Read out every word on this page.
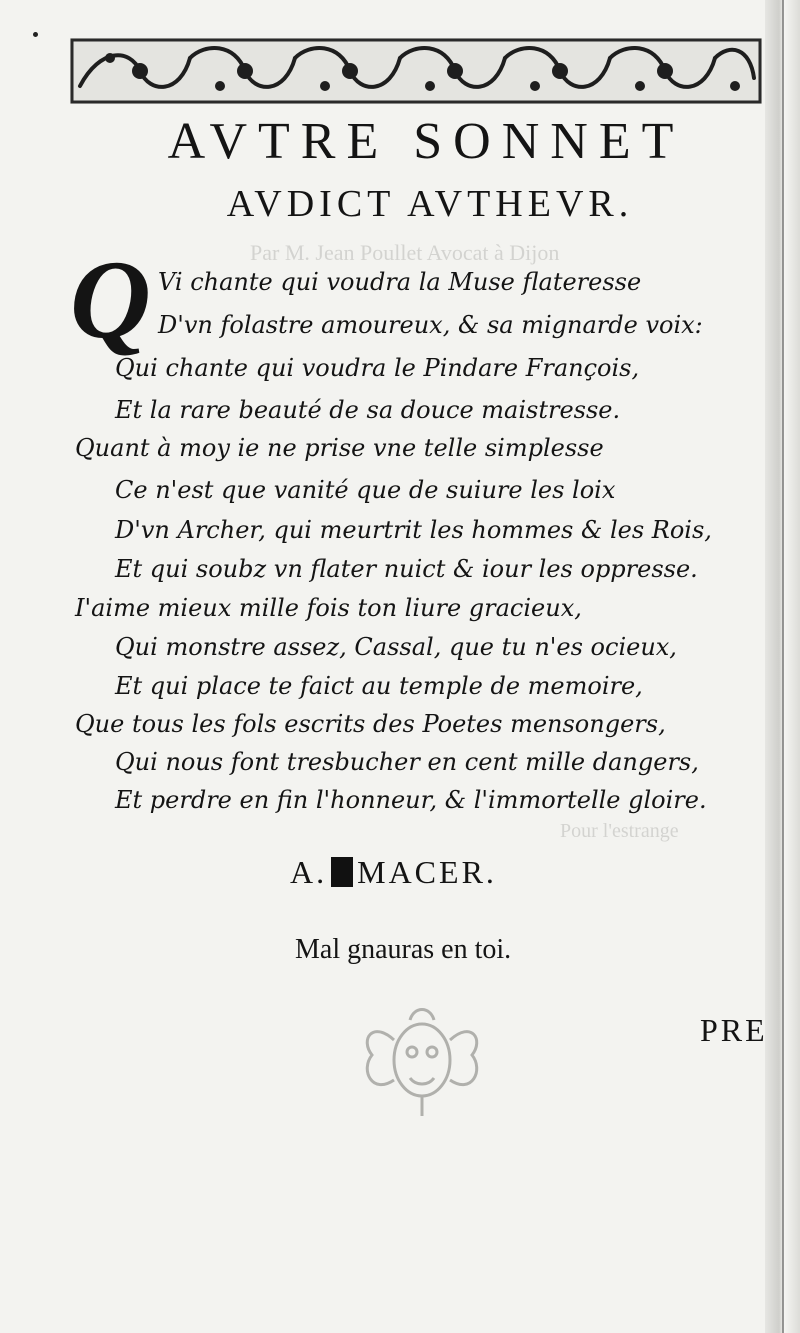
Par M. Jean Poullet Avocat à Dijon
Pour l'estrange
AVTRE SONNET
AVDICT AVTHEVR.
Q Vi chante qui voudra la Muse flateresse
D'vn folastre amoureux, & sa mignarde voix:
Qui chante qui voudra le Pindare François,
Et la rare beauté de sa douce maistresse.
Quant à moy ie ne prise vne telle simplesse
Ce n'est que vanité que de suiure les loix
D'vn Archer, qui meurtrit les hommes & les Rois,
Et qui soubz vn flater nuict & iour les oppresse.
I'aime mieux mille fois ton liure gracieux,
Qui monstre assez, Cassal, que tu n'es ocieux,
Et qui place te faict au temple de memoire,
Que tous les fols escrits des Poetes mensongers,
Qui nous font tresbucher en cent mille dangers,
Et perdre en fin l'honneur, & l'immortelle gloire.
A. MACER.
Mal gnauras en toi.
PRE
